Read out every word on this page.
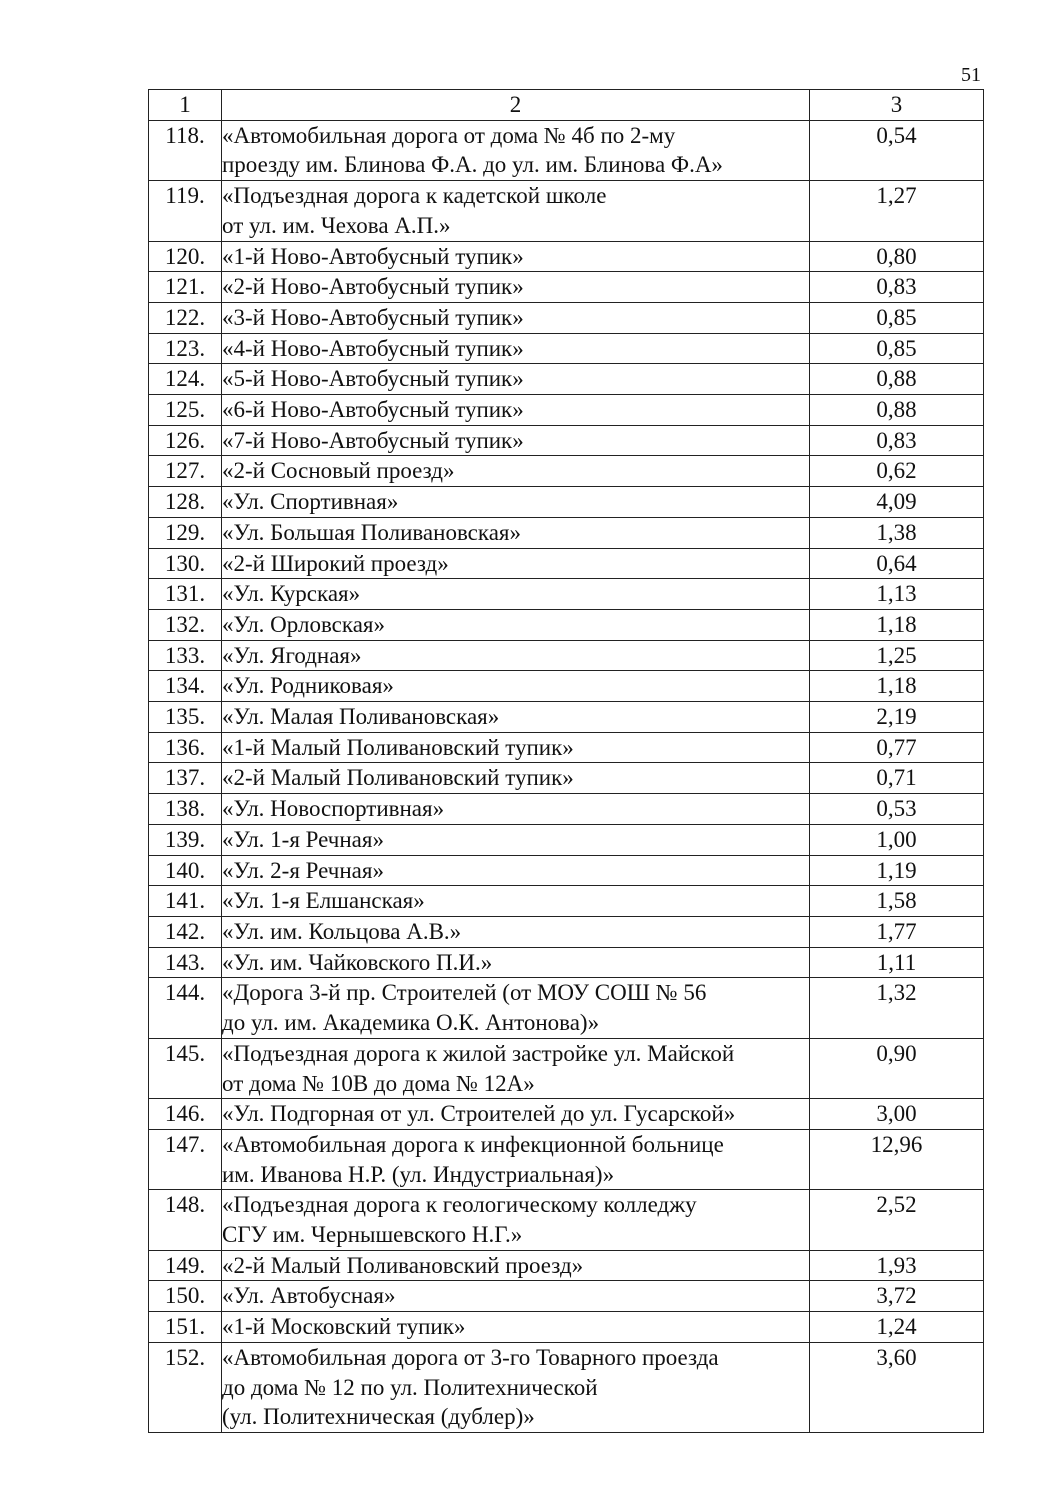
51
1	2	3
118.	«Автомобильная дорога от дома № 4б по 2-му
проезду им. Блинова Ф.А. до ул. им. Блинова Ф.А»	0,54
119.	«Подъездная дорога к кадетской школе
от ул. им. Чехова А.П.»	1,27
120.	«1-й Ново-Автобусный тупик»	0,80
121.	«2-й Ново-Автобусный тупик»	0,83
122.	«3-й Ново-Автобусный тупик»	0,85
123.	«4-й Ново-Автобусный тупик»	0,85
124.	«5-й Ново-Автобусный тупик»	0,88
125.	«6-й Ново-Автобусный тупик»	0,88
126.	«7-й Ново-Автобусный тупик»	0,83
127.	«2-й Сосновый проезд»	0,62
128.	«Ул. Спортивная»	4,09
129.	«Ул. Большая Поливановская»	1,38
130.	«2-й Широкий проезд»	0,64
131.	«Ул. Курская»	1,13
132.	«Ул. Орловская»	1,18
133.	«Ул. Ягодная»	1,25
134.	«Ул. Родниковая»	1,18
135.	«Ул. Малая Поливановская»	2,19
136.	«1-й Малый Поливановский тупик»	0,77
137.	«2-й Малый Поливановский тупик»	0,71
138.	«Ул. Новоспортивная»	0,53
139.	«Ул. 1-я Речная»	1,00
140.	«Ул. 2-я Речная»	1,19
141.	«Ул. 1-я Елшанская»	1,58
142.	«Ул. им. Кольцова А.В.»	1,77
143.	«Ул. им. Чайковского П.И.»	1,11
144.	«Дорога 3-й пр. Строителей (от МОУ СОШ № 56
до ул. им. Академика О.К. Антонова)»	1,32
145.	«Подъездная дорога к жилой застройке ул. Майской
от дома № 10В до дома № 12А»	0,90
146.	«Ул. Подгорная от ул. Строителей до ул. Гусарской»	3,00
147.	«Автомобильная дорога к инфекционной больнице
им. Иванова Н.Р. (ул. Индустриальная)»	12,96
148.	«Подъездная дорога к геологическому колледжу
СГУ им. Чернышевского Н.Г.»	2,52
149.	«2-й Малый Поливановский проезд»	1,93
150.	«Ул. Автобусная»	3,72
151.	«1-й Московский тупик»	1,24
152.	«Автомобильная дорога от 3-го Товарного проезда
до дома № 12 по ул. Политехнической
(ул. Политехническая (дублер)»	3,60
